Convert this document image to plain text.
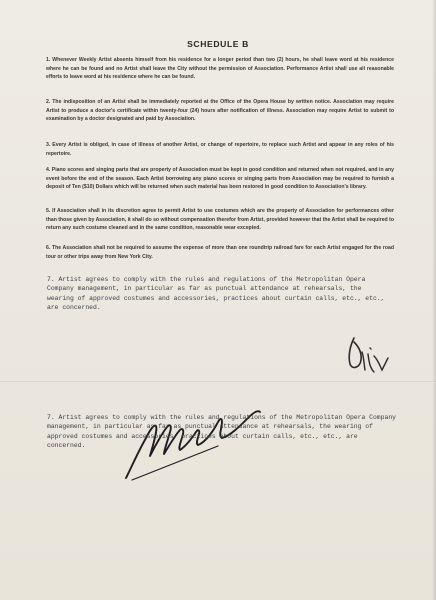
SCHEDULE B
1. Whenever Weekly Artist absents himself from his residence for a longer period than two (2) hours, he shall leave word at his residence where he can be found and no Artist shall leave the City without the permission of Association. Performance Artist shall use all reasonable efforts to leave word at his residence where he can be found.
2. The indisposition of an Artist shall be immediately reported at the Office of the Opera House by written notice. Association may require Artist to produce a doctor's certificate within twenty-four (24) hours after notification of illness. Association may require Artist to submit to examination by a doctor designated and paid by Association.
3. Every Artist is obliged, in case of illness of another Artist, or change of repertoire, to replace such Artist and appear in any roles of his repertoire.
4. Piano scores and singing parts that are property of Association must be kept in good condition and returned when not required, and in any event before the end of the season. Each Artist borrowing any piano scores or singing parts from Association may be required to furnish a deposit of Ten ($10) Dollars which will be returned when such material has been restored in good condition to Association's library.
5. If Association shall in its discretion agree to permit Artist to use costumes which are the property of Association for performances other than those given by Association, it shall do so without compensation therefor from Artist, provided however that the Artist shall be required to return any such costume cleaned and in the same condition, reasonable wear excepted.
6. The Association shall not be required to assume the expense of more than one roundtrip railroad fare for each Artist engaged for the road tour or other trips away from New York City.
7. Artist agrees to comply with the rules and regulations of the Metropolitan Opera Company management, in particular as far as punctual attendance at rehearsals, the wearing of approved costumes and accessories, practices about curtain calls, etc., etc., are concerned.
7. Artist agrees to comply with the rules and regulations of the Metropolitan Opera Company management, in particular as far as punctual attendance at rehearsals, the wearing of approved costumes and accessories, practices about curtain calls, etc., etc., are concerned.
